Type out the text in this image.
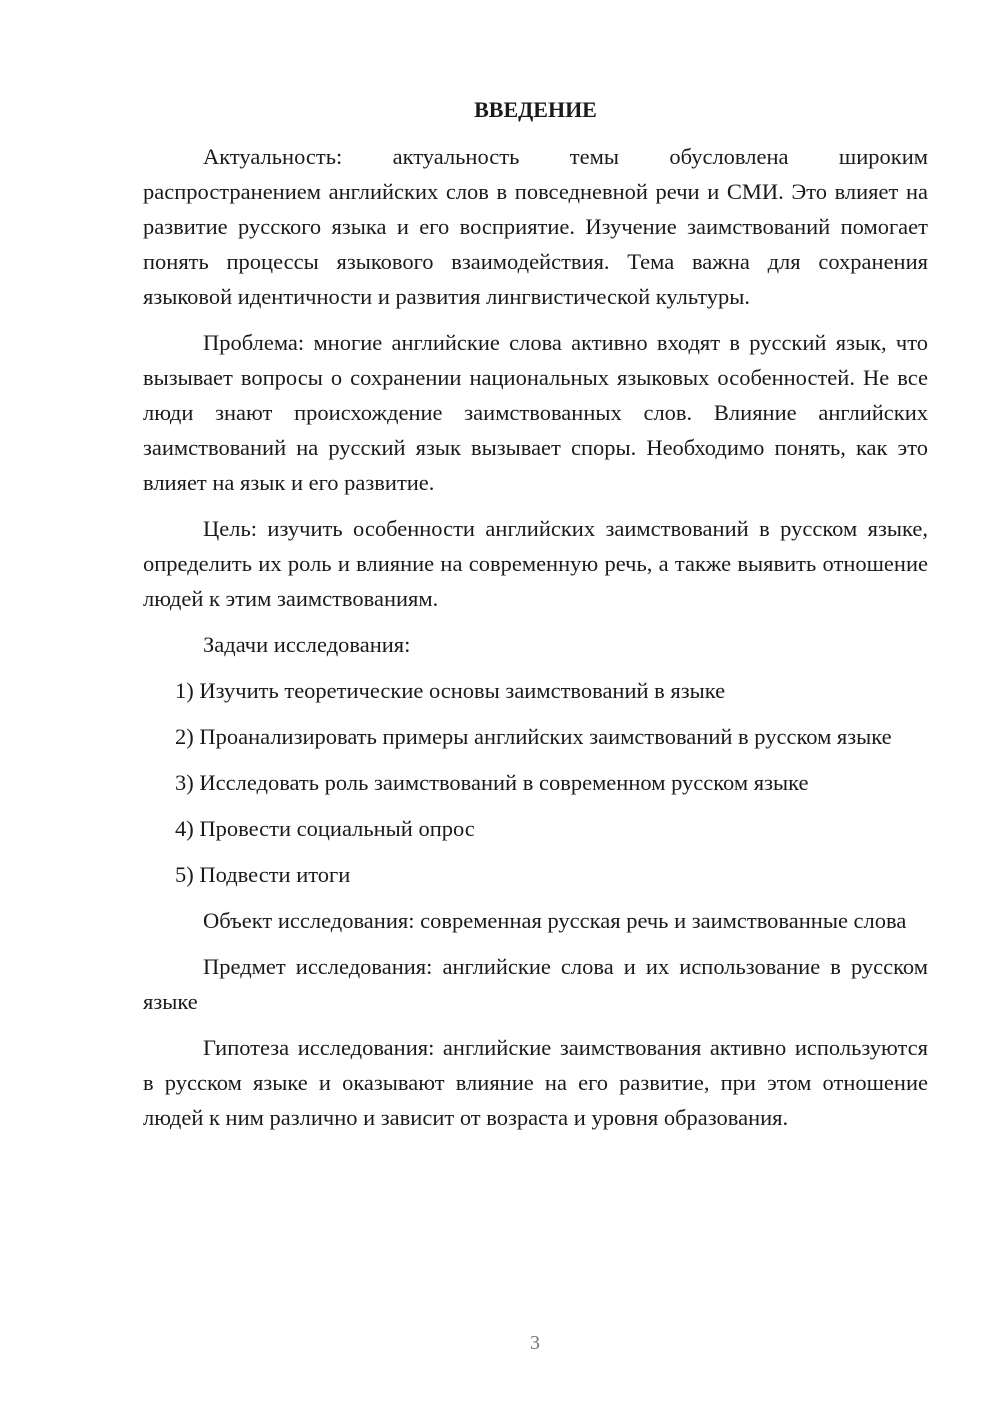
ВВЕДЕНИЕ

Актуальность: актуальность темы обусловлена широким распространением английских слов в повседневной речи и СМИ. Это влияет на развитие русского языка и его восприятие. Изучение заимствований помогает понять процессы языкового взаимодействия. Тема важна для сохранения языковой идентичности и развития лингвистической культуры.

Проблема: многие английские слова активно входят в русский язык, что вызывает вопросы о сохранении национальных языковых особенностей. Не все люди знают происхождение заимствованных слов. Влияние английских заимствований на русский язык вызывает споры. Необходимо понять, как это влияет на язык и его развитие.

Цель: изучить особенности английских заимствований в русском языке, определить их роль и влияние на современную речь, а также выявить отношение людей к этим заимствованиям.

Задачи исследования:

1) Изучить теоретические основы заимствований в языке

2) Проанализировать примеры английских заимствований в русском языке

3) Исследовать роль заимствований в современном русском языке

4) Провести социальный опрос

5) Подвести итоги

Объект исследования: современная русская речь и заимствованные слова

Предмет исследования: английские слова и их использование в русском языке

Гипотеза исследования: английские заимствования активно используются в русском языке и оказывают влияние на его развитие, при этом отношение людей к ним различно и зависит от возраста и уровня образования.

3
